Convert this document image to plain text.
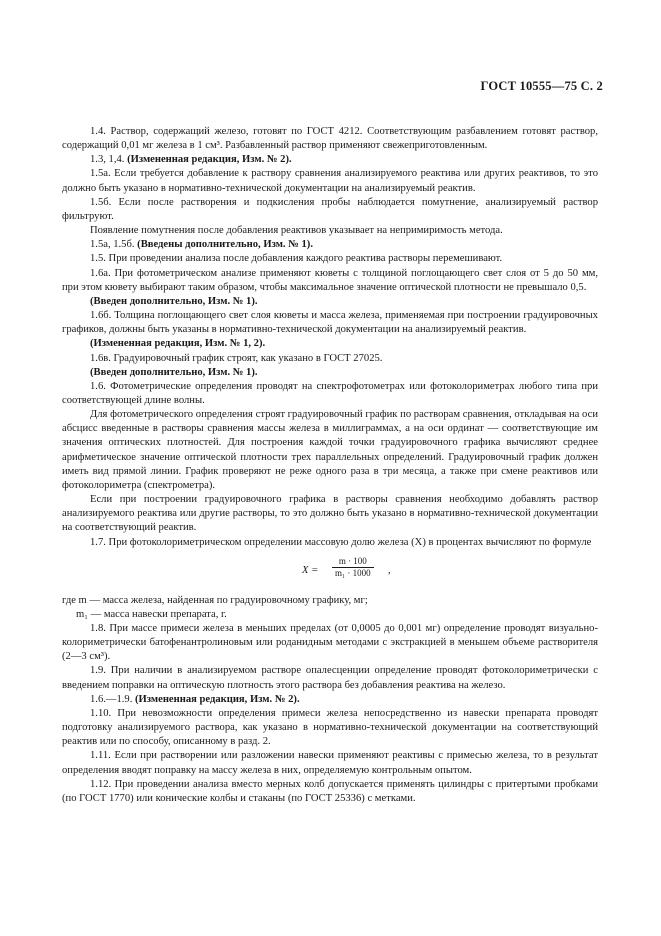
ГОСТ 10555—75 С. 2

1.4. Раствор, содержащий железо, готовят по ГОСТ 4212. Соответствующим разбавлением готовят раствор, содержащий 0,01 мг железа в 1 см³. Разбавленный раствор применяют свежеприготовленным.

1.3, 1,4. (Измененная редакция, Изм. № 2).

1.5а. Если требуется добавление к раствору сравнения анализируемого реактива или других реактивов, то это должно быть указано в нормативно-технической документации на анализируемый реактив.

1.5б. Если после растворения и подкисления пробы наблюдается помутнение, анализируемый раствор фильтруют.

Появление помутнения после добавления реактивов указывает на непримиримость метода.

1.5а, 1.5б. (Введены дополнительно, Изм. № 1).

1.5. При проведении анализа после добавления каждого реактива растворы перемешивают.

1.6а. При фотометрическом анализе применяют кюветы с толщиной поглощающего свет слоя от 5 до 50 мм, при этом кювету выбирают таким образом, чтобы максимальное значение оптической плотности не превышало 0,5.

(Введен дополнительно, Изм. № 1).

1.6б. Толщина поглощающего свет слоя кюветы и масса железа, применяемая при построении градуировочных графиков, должны быть указаны в нормативно-технической документации на анализируемый реактив.

(Измененная редакция, Изм. № 1, 2).

1.6в. Градуировочный график строят, как указано в ГОСТ 27025.

(Введен дополнительно, Изм. № 1).

1.6. Фотометрические определения проводят на спектрофотометрах или фотоколориметрах любого типа при соответствующей длине волны.

Для фотометрического определения строят градуировочный график по растворам сравнения, откладывая на оси абсцисс введенные в растворы сравнения массы железа в миллиграммах, а на оси ординат — соответствующие им значения оптических плотностей. Для построения каждой точки градуировочного графика вычисляют среднее арифметическое значение оптической плотности трех параллельных определений. Градуировочный график должен иметь вид прямой линии. График проверяют не реже одного раза в три месяца, а также при смене реактивов или фотоколориметра (спектрометра).

Если при построении градуировочного графика в растворы сравнения необходимо добавлять раствор анализируемого реактива или другие растворы, то это должно быть указано в нормативно-технической документации на соответствующий реактив.

1.7. При фотоколориметрическом определении массовую долю железа (X) в процентах вычисляют по формуле

$X = \frac{m \cdot 100}{\text{m₁ · 1000}}$ ,

где m — масса железа, найденная по градуировочному графику, мг;

m₁ — масса навески препарата, г.

1.8. При массе примеси железа в меньших пределах (от 0,0005 до 0,001 мг) определение проводят визуально-колориметрически батофенантролиновым или роданидным методами с экстракцией в меньшем объеме растворителя (2—3 см³).

1.9. При наличии в анализируемом растворе опалесценции определение проводят фотоколориметрически с введением поправки на оптическую плотность этого раствора без добавления реактива на железо.

1.6.—1.9. (Измененная редакция, Изм. № 2).

1.10. При невозможности определения примеси железа непосредственно из навески препарата проводят подготовку анализируемого раствора, как указано в нормативно-технической документации на соответствующий реактив или по способу, описанному в разд. 2.

1.11. Если при растворении или разложении навески применяют реактивы с примесью железа, то в результат определения вводят поправку на массу железа в них, определяемую контрольным опытом.

1.12. При проведении анализа вместо мерных колб допускается применять цилиндры с притертыми пробками (по ГОСТ 1770) или конические колбы и стаканы (по ГОСТ 25336) с метками.
